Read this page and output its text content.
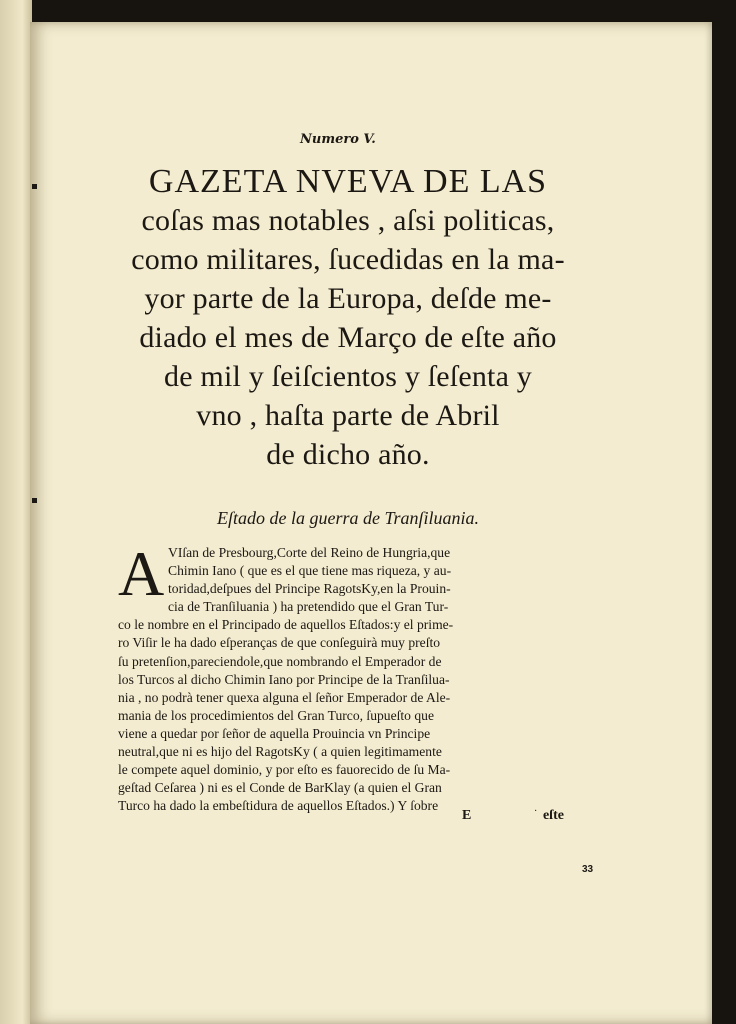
Numero V.
GAZETA NVEVA DE LAS
coſas mas notables , aſsi politicas,
como militares, ſucedidas en la ma-
yor parte de la Europa, deſde me-
diado el mes de Março de eſte año
de mil y ſeiſcientos y ſeſenta y
vno , haſta parte de Abril
de dicho año.
Eſtado de la guerra de Tranſiluania.
A VIſan de Presbourg,Corte del Reino de Hungria,que
Chimin Iano ( que es el que tiene mas riqueza, y au-
toridad,deſpues del Principe RagotsKy,en la Prouin-
cia de Tranſiluania ) ha pretendido que el Gran Tur-
co le nombre en el Principado de aquellos Eſtados:y el prime-
ro Viſir le ha dado eſperanças de que conſeguirà muy preſto
ſu pretenſion,pareciendole,que nombrando el Emperador de
los Turcos al dicho Chimin Iano por Principe de la Tranſilua-
nia , no podrà tener quexa alguna el ſeñor Emperador de Ale-
mania de los procedimientos del Gran Turco, ſupueſto que
viene a quedar por ſeñor de aquella Prouincia vn Principe
neutral,que ni es hijo del RagotsKy ( a quien legitimamente
le compete aquel dominio, y por eſto es fauorecido de ſu Ma-
geſtad Ceſarea ) ni es el Conde de BarKlay (a quien el Gran
Turco ha dado la embeſtidura de aquellos Eſtados.) Y ſobre
E	· eſte
33
